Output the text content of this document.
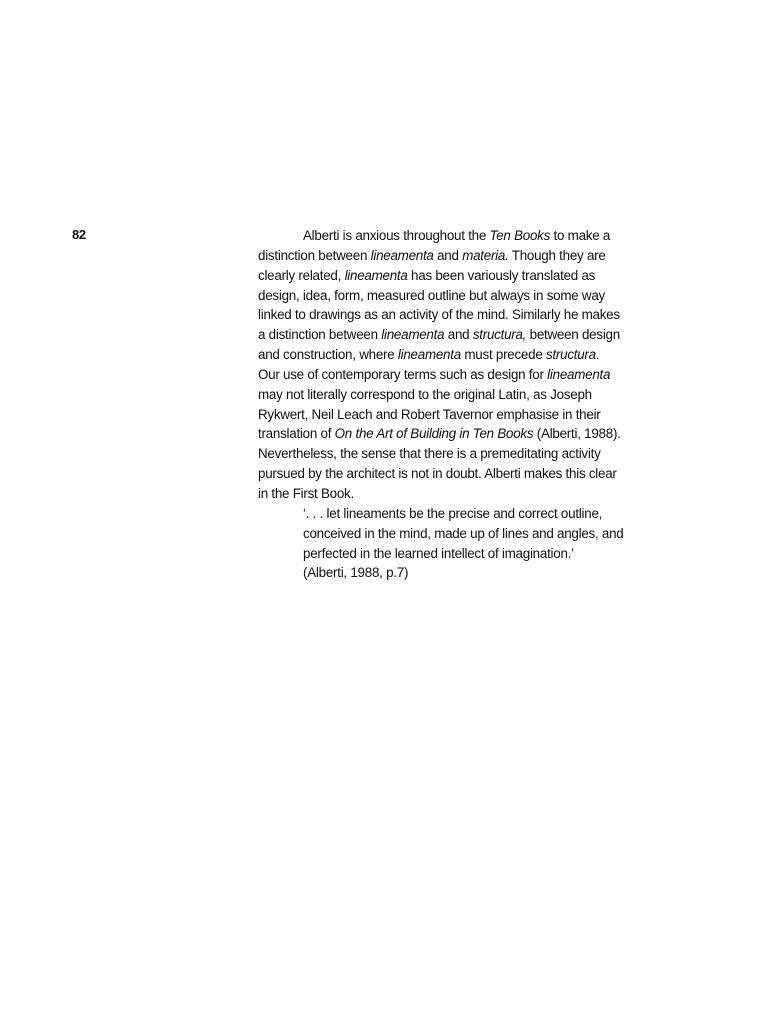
82	Alberti is anxious throughout the Ten Books to make a
distinction between lineamenta and materia. Though they are
clearly related, lineamenta has been variously translated as
design, idea, form, measured outline but always in some way
linked to drawings as an activity of the mind. Similarly he makes
a distinction between lineamenta and structura, between design
and construction, where lineamenta must precede structura.
Our use of contemporary terms such as design for lineamenta
may not literally correspond to the original Latin, as Joseph
Rykwert, Neil Leach and Robert Tavernor emphasise in their
translation of On the Art of Building in Ten Books (Alberti, 1988).
Nevertheless, the sense that there is a premeditating activity
pursued by the architect is not in doubt. Alberti makes this clear
in the First Book.
‘. . . let lineaments be the precise and correct outline,
conceived in the mind, made up of lines and angles, and
perfected in the learned intellect of imagination.’
(Alberti, 1988, p.7)
